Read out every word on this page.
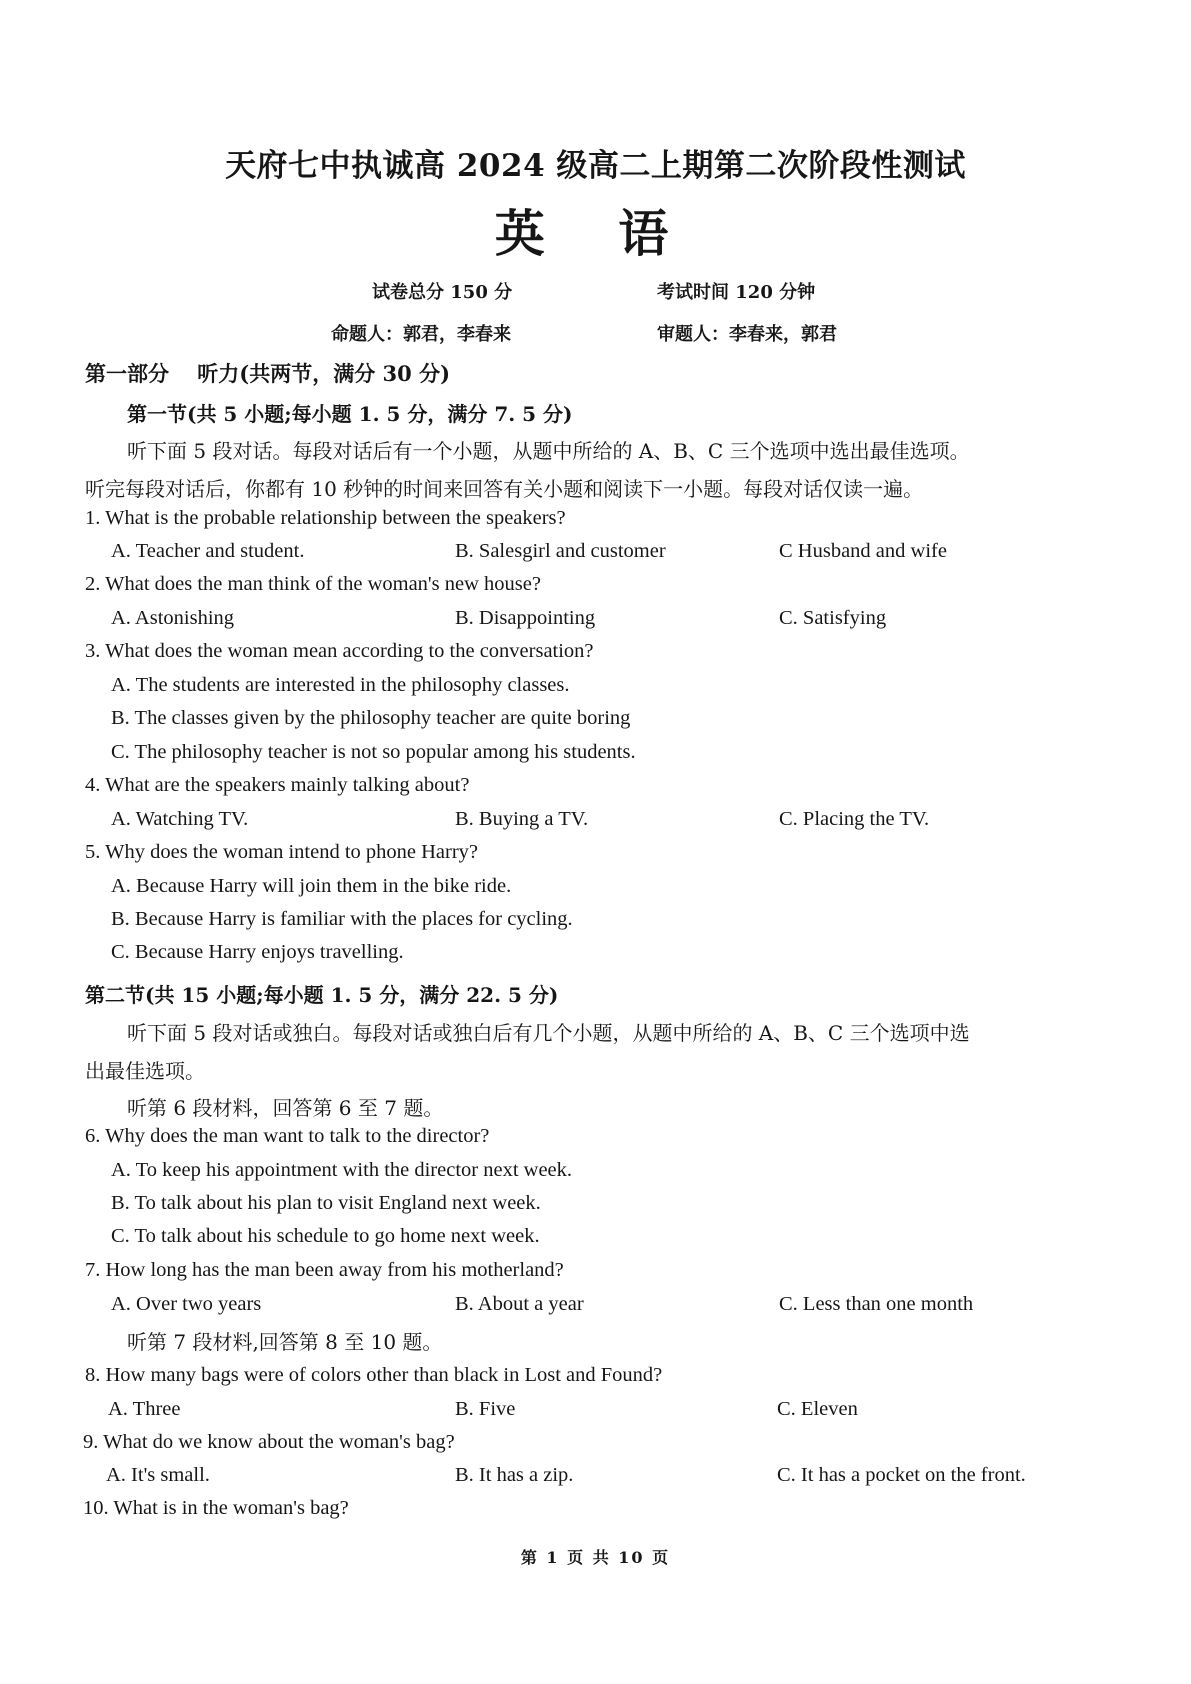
天府七中执诚高 2024 级高二上期第二次阶段性测试
英 语
试卷总分 150 分	考试时间 120 分钟
命题人：郭君，李春来	审题人：李春来，郭君
第一部分　 听力(共两节，满分 30 分)
第一节(共 5 小题;每小题 1. 5 分，满分 7. 5 分)
听下面 5 段对话。每段对话后有一个小题，从题中所给的 A、B、C 三个选项中选出最佳选项。
听完每段对话后，你都有 10 秒钟的时间来回答有关小题和阅读下一小题。每段对话仅读一遍。
1. What is the probable relationship between the speakers?
A. Teacher and student.	B. Salesgirl and customer	C Husband and wife
2. What does the man think of the woman's new house?
A. Astonishing	B. Disappointing	C. Satisfying
3. What does the woman mean according to the conversation?
A. The students are interested in the philosophy classes.
B. The classes given by the philosophy teacher are quite boring
C. The philosophy teacher is not so popular among his students.
4. What are the speakers mainly talking about?
A. Watching TV.	B. Buying a TV.	C. Placing the TV.
5. Why does the woman intend to phone Harry?
A. Because Harry will join them in the bike ride.
B. Because Harry is familiar with the places for cycling.
C. Because Harry enjoys travelling.
第二节(共 15 小题;每小题 1. 5 分，满分 22. 5 分)
听下面 5 段对话或独白。每段对话或独白后有几个小题，从题中所给的 A、B、C 三个选项中选
出最佳选项。
听第 6 段材料，回答第 6 至 7 题。
6. Why does the man want to talk to the director?
A. To keep his appointment with the director next week.
B. To talk about his plan to visit England next week.
C. To talk about his schedule to go home next week.
7. How long has the man been away from his motherland?
A. Over two years	B. About a year	C. Less than one month
听第 7 段材料,回答第 8 至 10 题。
8. How many bags were of colors other than black in Lost and Found?
A. Three	B. Five	C. Eleven
9. What do we know about the woman's bag?
A. It's small.	B. It has a zip.	C. It has a pocket on the front.
10. What is in the woman's bag?
第 1 页 共 10 页
